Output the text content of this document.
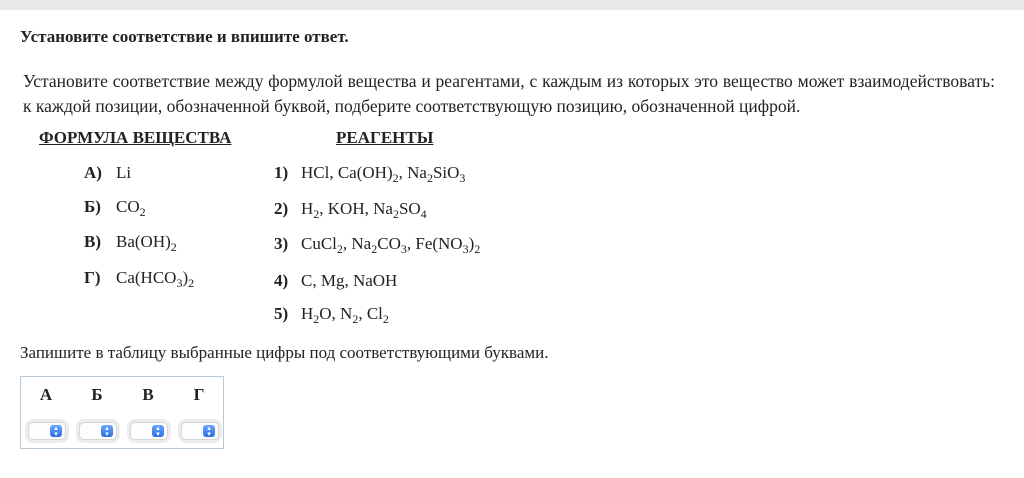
Установите соответствие и впишите ответ.
Установите соответствие между формулой вещества и реагентами, с каждым из которых это вещество может взаимодействовать: к каждой позиции, обозначенной буквой, подберите соответствующую позицию, обозначенной цифрой.
ФОРМУЛА ВЕЩЕСТВА	РЕАГЕНТЫ
А) Li
Б) $CO_2$
В) $Ba(OH)_2$
Г) $Ca(HCO_3)_2$
1) HCl, $Ca(OH)_2$, $Na_2SiO_3$
2) $H_2$, KOH, $Na_2SO_4$
3) CuCl$_2$, $Na_2CO_3$, $Fe(NO_3)_2$
4) C, Mg, NaOH
5) $H_2O$, $N_2$, $Cl_2$
Запишите в таблицу выбранные цифры под соответствующими буквами.
А	Б	В	Г
▴
▾
▴
▾
▴
▾
▴
▾
